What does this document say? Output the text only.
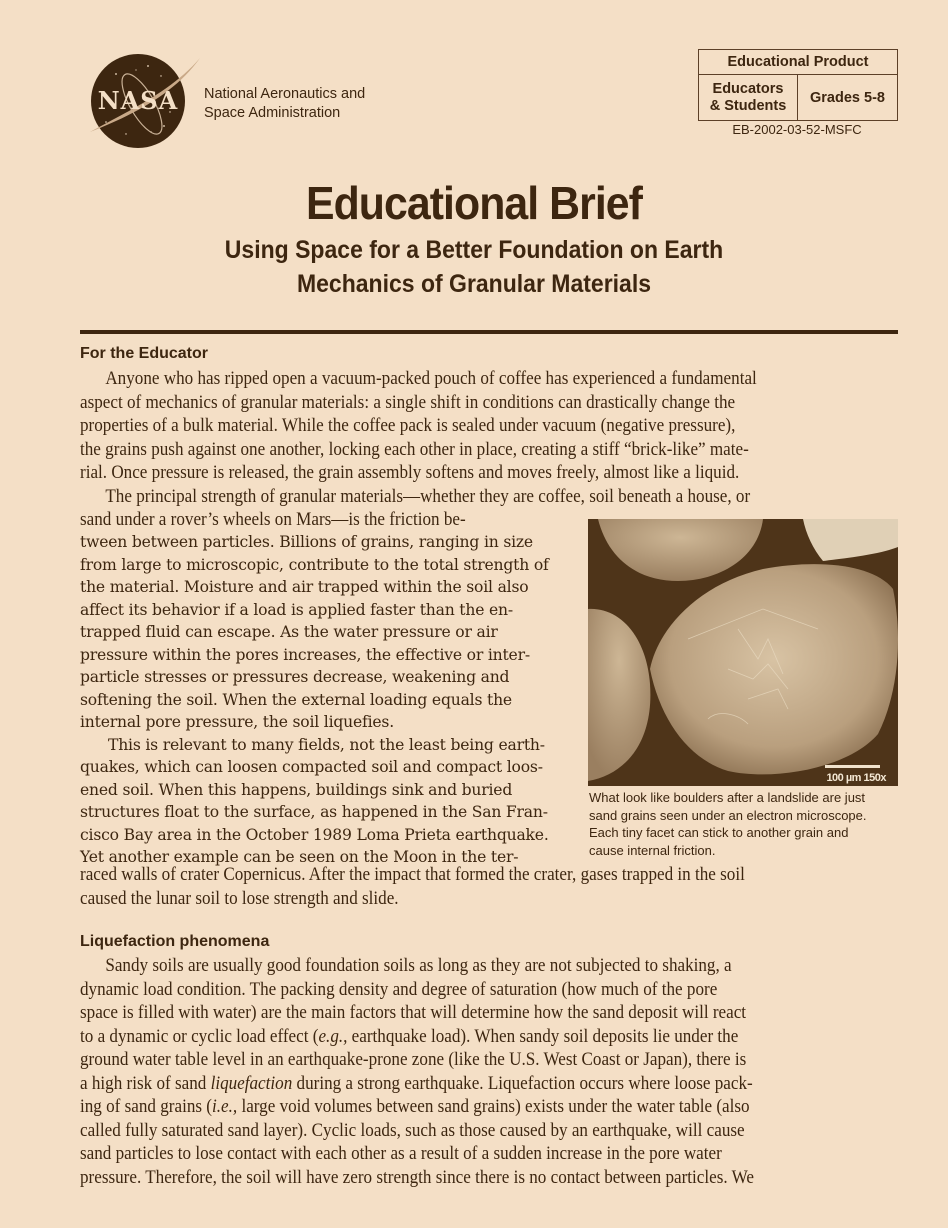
NASA National Aeronautics and
Space Administration
Educational Product
Educators
& Students	Grades 5-8
EB-2002-03-52-MSFC
Educational Brief
Using Space for a Better Foundation on Earth
Mechanics of Granular Materials
For the Educator
Anyone who has ripped open a vacuum-packed pouch of coffee has experienced a fundamental
aspect of mechanics of granular materials: a single shift in conditions can drastically change the
properties of a bulk material. While the coffee pack is sealed under vacuum (negative pressure),
the grains push against one another, locking each other in place, creating a stiff “brick-like” mate-
rial. Once pressure is released, the grain assembly softens and moves freely, almost like a liquid.
The principal strength of granular materials—whether they are coffee, soil beneath a house, or
sand under a rover’s wheels on Mars—is the friction be-
tween between particles. Billions of grains, ranging in size
from large to microscopic, contribute to the total strength of
the material. Moisture and air trapped within the soil also
affect its behavior if a load is applied faster than the en-
trapped fluid can escape. As the water pressure or air
pressure within the pores increases, the effective or inter-
particle stresses or pressures decrease, weakening and
softening the soil. When the external loading equals the
internal pore pressure, the soil liquefies.
This is relevant to many fields, not the least being earth-
quakes, which can loosen compacted soil and compact loos-
ened soil. When this happens, buildings sink and buried
structures float to the surface, as happened in the San Fran-
cisco Bay area in the October 1989 Loma Prieta earthquake.
Yet another example can be seen on the Moon in the ter-
raced walls of crater Copernicus. After the impact that formed the crater, gases trapped in the soil
caused the lunar soil to lose strength and slide.
100 µm 150x
What look like boulders after a landslide are just
sand grains seen under an electron microscope.
Each tiny facet can stick to another grain and
cause internal friction.
Liquefaction phenomena
Sandy soils are usually good foundation soils as long as they are not subjected to shaking, a
dynamic load condition. The packing density and degree of saturation (how much of the pore
space is filled with water) are the main factors that will determine how the sand deposit will react
to a dynamic or cyclic load effect (e.g., earthquake load). When sandy soil deposits lie under the
ground water table level in an earthquake-prone zone (like the U.S. West Coast or Japan), there is
a high risk of sand liquefaction during a strong earthquake. Liquefaction occurs where loose pack-
ing of sand grains (i.e., large void volumes between sand grains) exists under the water table (also
called fully saturated sand layer). Cyclic loads, such as those caused by an earthquake, will cause
sand particles to lose contact with each other as a result of a sudden increase in the pore water
pressure. Therefore, the soil will have zero strength since there is no contact between particles. We
